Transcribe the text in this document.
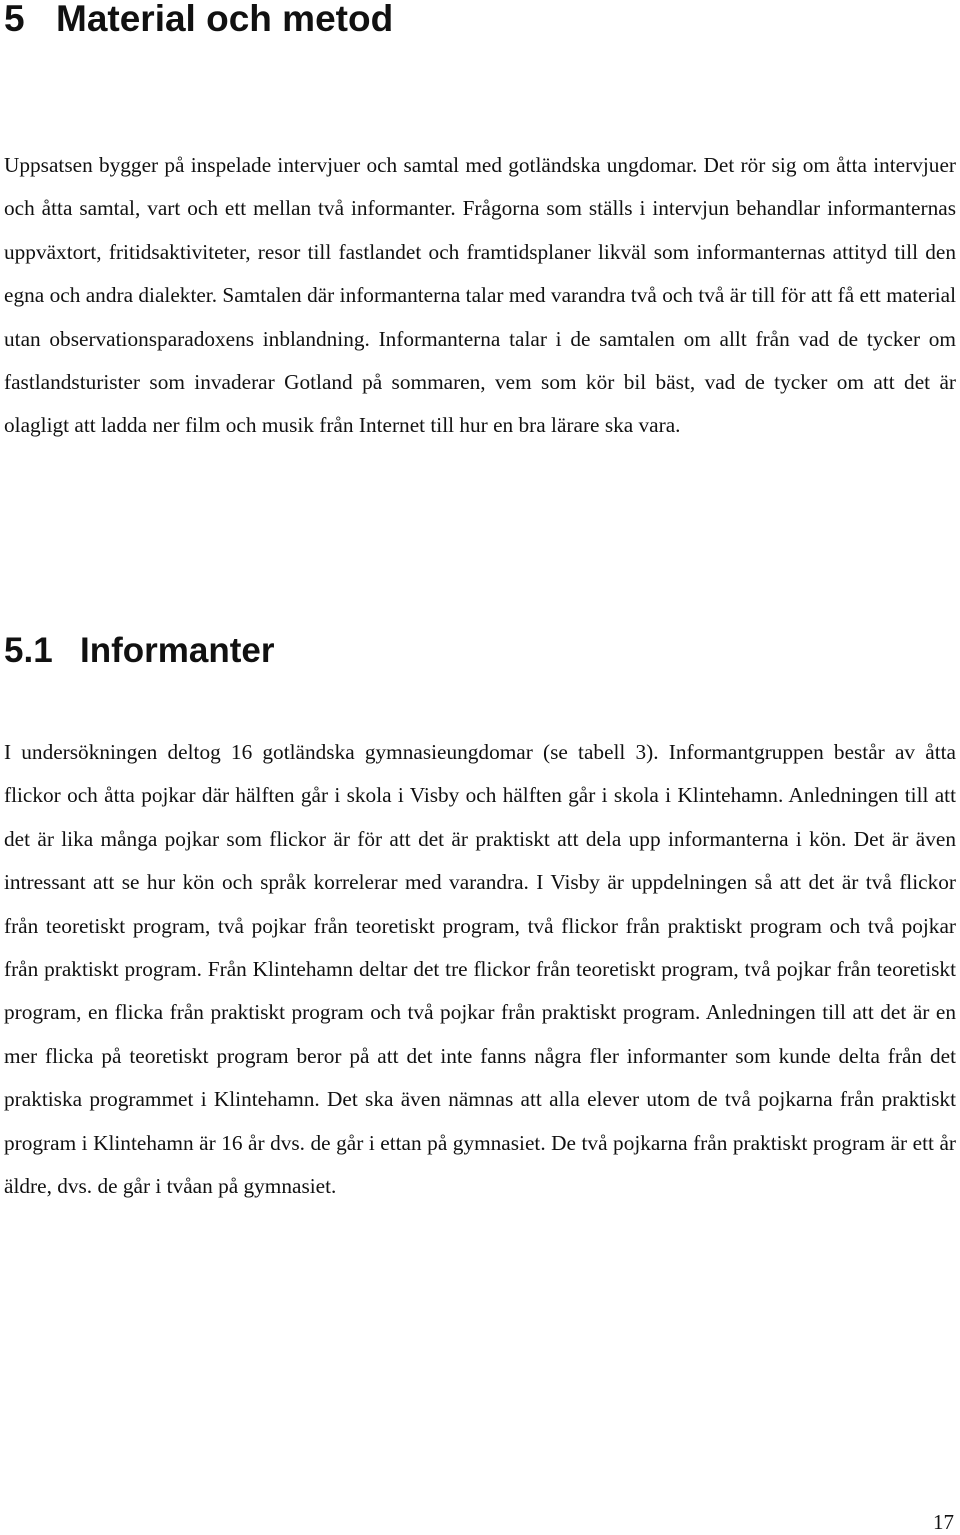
5 Material och metod

Uppsatsen bygger på inspelade intervjuer och samtal med gotländska ungdomar. Det rör sig om åtta intervjuer och åtta samtal, vart och ett mellan två informanter. Frågorna som ställs i intervjun behandlar informanternas uppväxtort, fritidsaktiviteter, resor till fastlandet och framtidsplaner likväl som informanternas attityd till den egna och andra dialekter. Samtalen där informanterna talar med varandra två och två är till för att få ett material utan observationsparadoxens inblandning. Informanterna talar i de samtalen om allt från vad de tycker om fastlandsturister som invaderar Gotland på sommaren, vem som kör bil bäst, vad de tycker om att det är olagligt att ladda ner film och musik från Internet till hur en bra lärare ska vara.

5.1 Informanter

I undersökningen deltog 16 gotländska gymnasieungdomar (se tabell 3). Informantgruppen består av åtta flickor och åtta pojkar där hälften går i skola i Visby och hälften går i skola i Klintehamn. Anledningen till att det är lika många pojkar som flickor är för att det är praktiskt att dela upp informanterna i kön. Det är även intressant att se hur kön och språk korrelerar med varandra. I Visby är uppdelningen så att det är två flickor från teoretiskt program, två pojkar från teoretiskt program, två flickor från praktiskt program och två pojkar från praktiskt program. Från Klintehamn deltar det tre flickor från teoretiskt program, två pojkar från teoretiskt program, en flicka från praktiskt program och två pojkar från praktiskt program. Anledningen till att det är en mer flicka på teoretiskt program beror på att det inte fanns några fler informanter som kunde delta från det praktiska programmet i Klintehamn. Det ska även nämnas att alla elever utom de två pojkarna från praktiskt program i Klintehamn är 16 år dvs. de går i ettan på gymnasiet. De två pojkarna från praktiskt program är ett år äldre, dvs. de går i tvåan på gymnasiet.

17
